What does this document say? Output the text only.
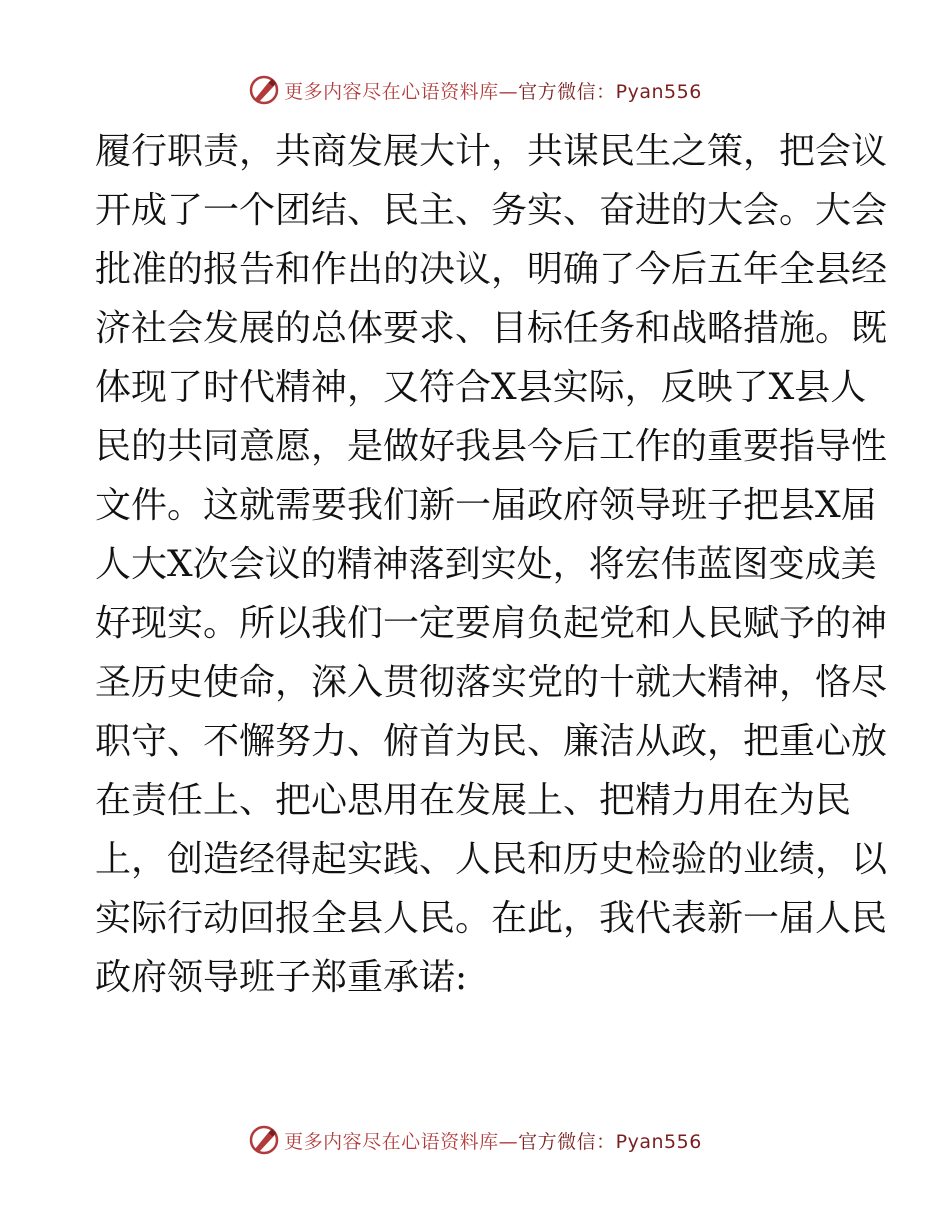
更多内容尽在心语资料库—官方微信：Pyan556
履行职责，共商发展大计，共谋民生之策，把会议
开成了一个团结、民主、务实、奋进的大会。大会
批准的报告和作出的决议，明确了今后五年全县经
济社会发展的总体要求、目标任务和战略措施。既
体现了时代精神，又符合X县实际，反映了X县人
民的共同意愿，是做好我县今后工作的重要指导性
文件。这就需要我们新一届政府领导班子把县X届
人大X次会议的精神落到实处，将宏伟蓝图变成美
好现实。所以我们一定要肩负起党和人民赋予的神
圣历史使命，深入贯彻落实党的十就大精神，恪尽
职守、不懈努力、俯首为民、廉洁从政，把重心放
在责任上、把心思用在发展上、把精力用在为民
上，创造经得起实践、人民和历史检验的业绩，以
实际行动回报全县人民。在此，我代表新一届人民
政府领导班子郑重承诺:
更多内容尽在心语资料库—官方微信：Pyan556
